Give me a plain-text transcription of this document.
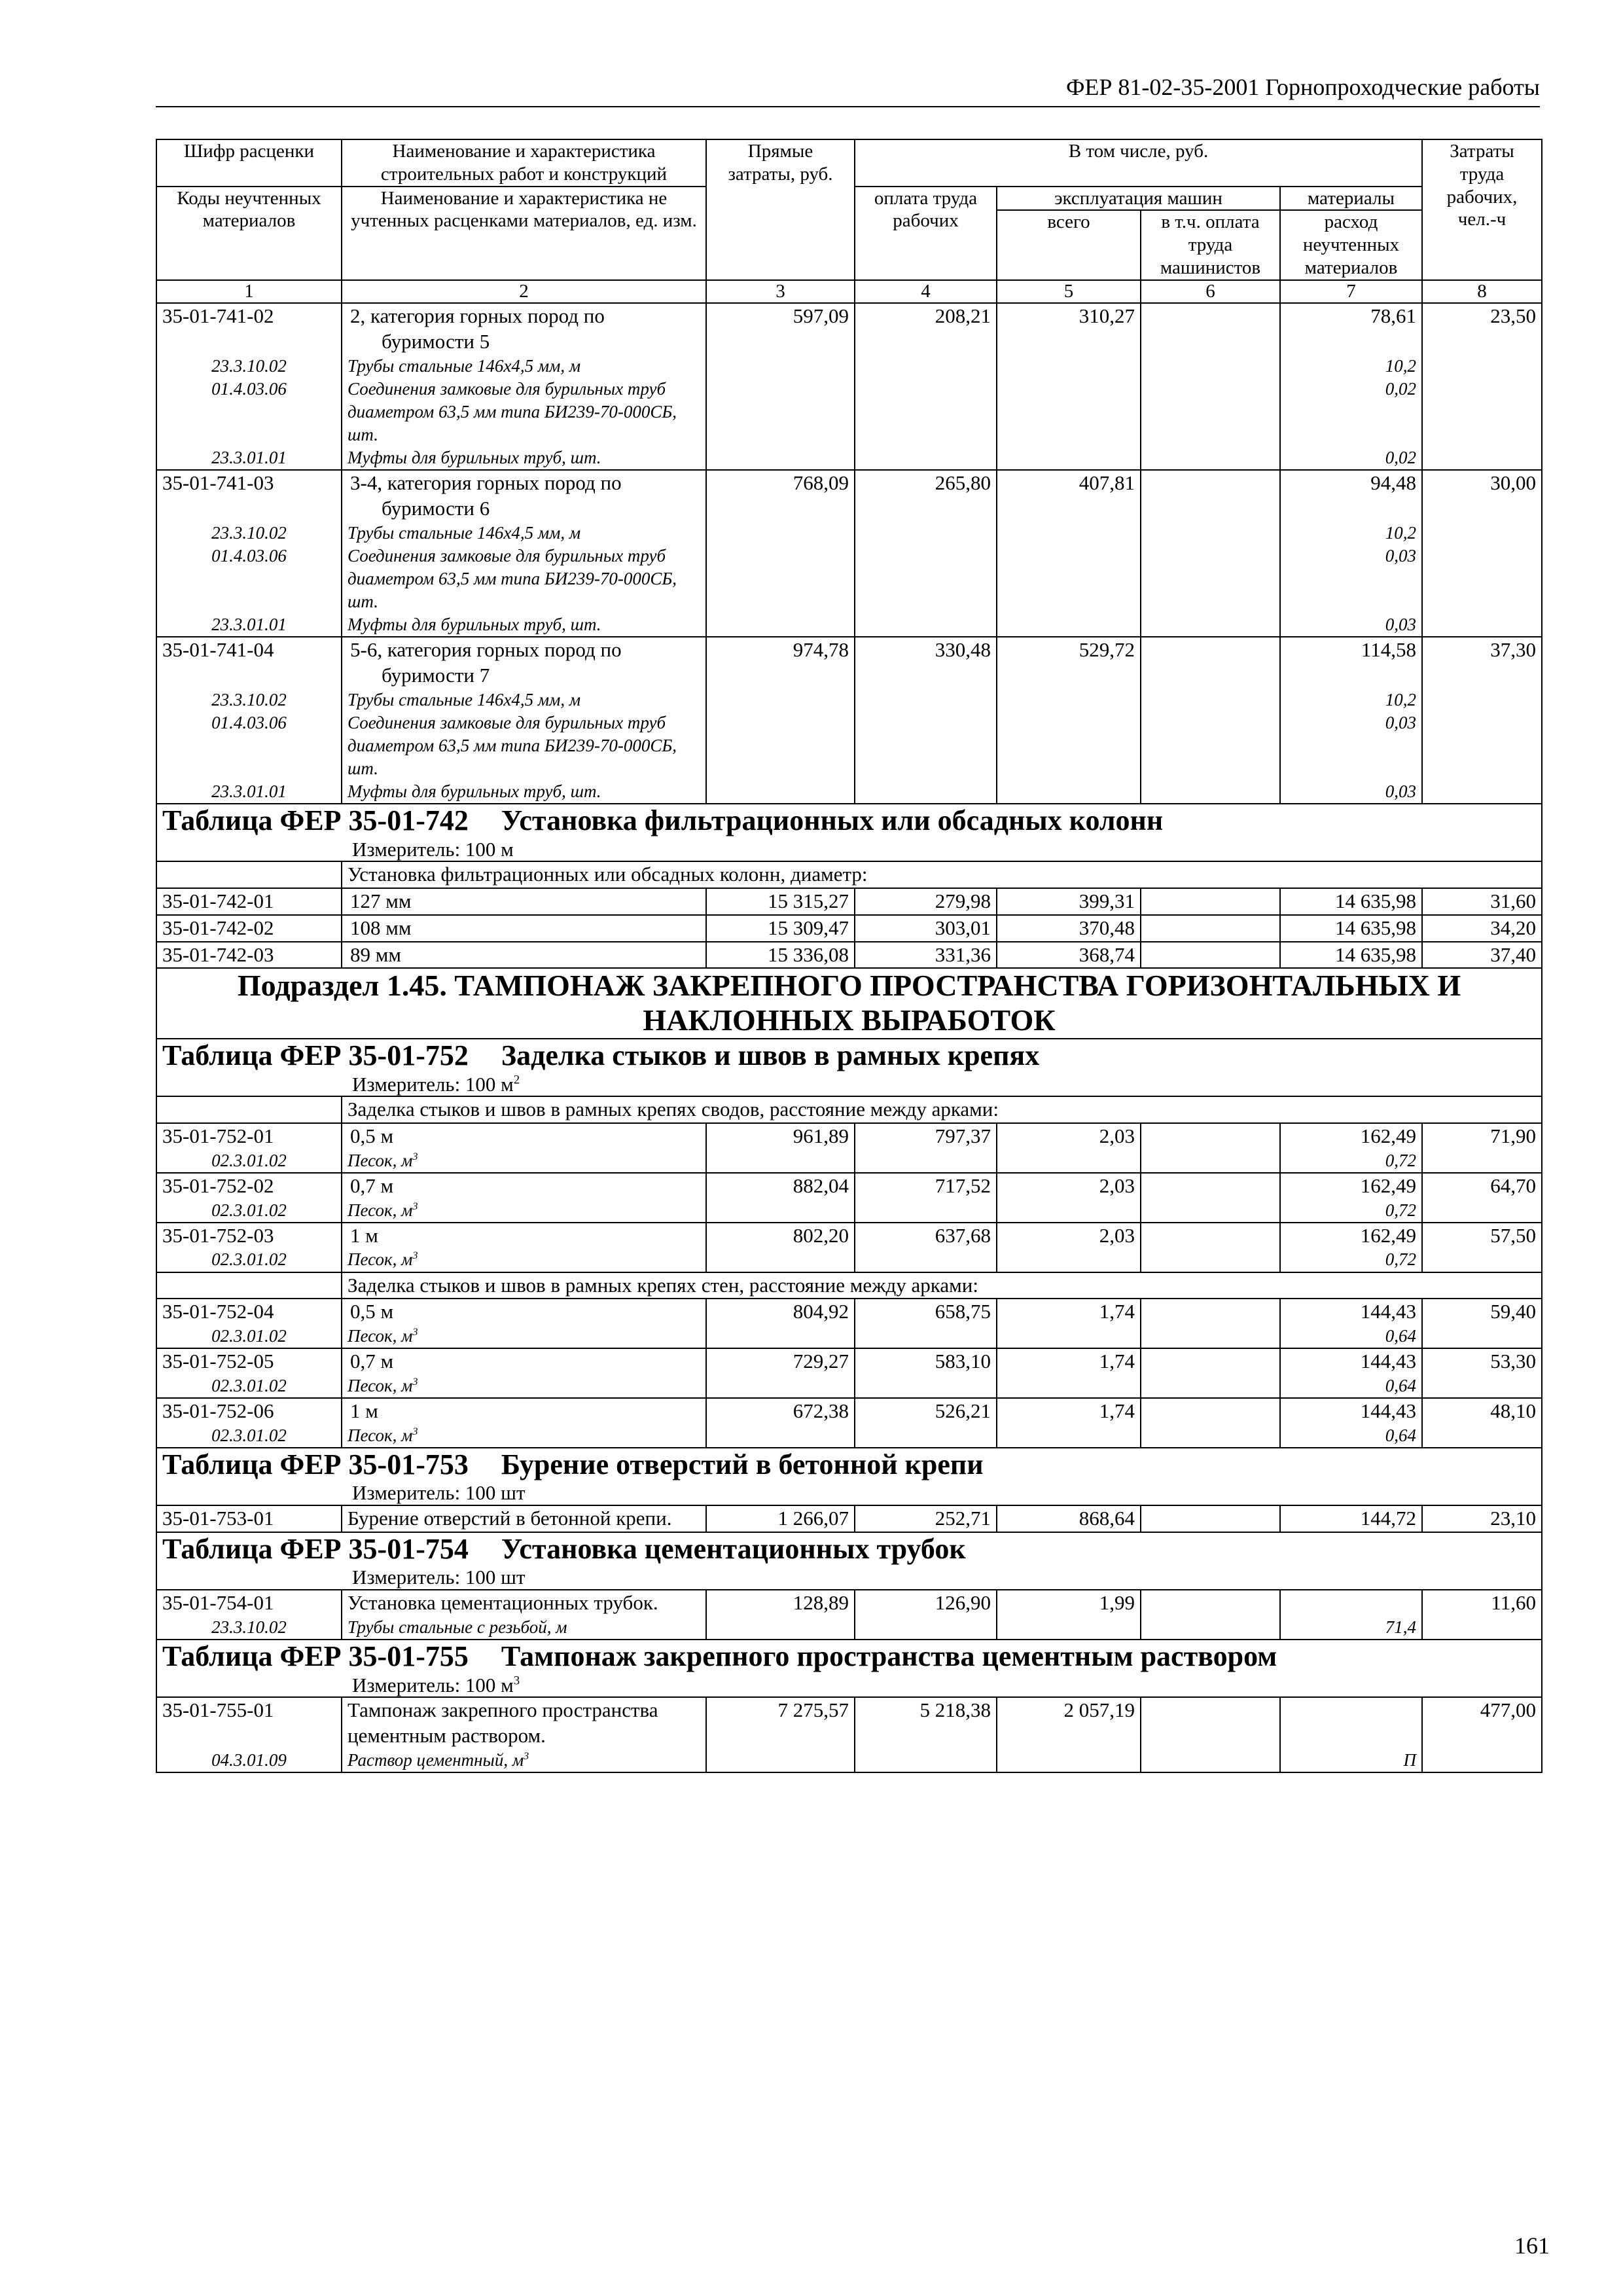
ФЕР 81-02-35-2001 Горнопроходческие работы
Шифр расценки	Наименование и характеристика строительных работ и конструкций	Прямые затраты, руб.	В том числе, руб.				Затраты труда рабочих, чел.-ч
Коды неучтенных материалов	Наименование и характеристика не учтенных расценками материалов, ед. изм.		оплата труда рабочих	эксплуатация машин		материалы	
				всего	в т.ч. оплата труда машинистов	расход неучтенных материалов	
1	2	3	4	5	6	7	8
35-01-741-02	2, категория горных пород по буримости 5	597,09	208,21	310,27		78,61	23,50
23.3.10.02	Трубы стальные 146х4,5 мм, м					10,2	
01.4.03.06	Соединения замковые для бурильных труб диаметром 63,5 мм типа БИ239-70-000СБ, шт.					0,02	
23.3.01.01	Муфты для бурильных труб, шт.					0,02	
35-01-741-03	3-4, категория горных пород по буримости 6	768,09	265,80	407,81		94,48	30,00
23.3.10.02	Трубы стальные 146х4,5 мм, м					10,2	
01.4.03.06	Соединения замковые для бурильных труб диаметром 63,5 мм типа БИ239-70-000СБ, шт.					0,03	
23.3.01.01	Муфты для бурильных труб, шт.					0,03	
35-01-741-04	5-6, категория горных пород по буримости 7	974,78	330,48	529,72		114,58	37,30
23.3.10.02	Трубы стальные 146х4,5 мм, м					10,2	
01.4.03.06	Соединения замковые для бурильных труб диаметром 63,5 мм типа БИ239-70-000СБ, шт.					0,03	
23.3.01.01	Муфты для бурильных труб, шт.					0,03	
Таблица ФЕР 35-01-742 Установка фильтрационных или обсадных колонн
Измеритель: 100 м							

	Установка фильтрационных или обсадных колонн, диаметр:						
35-01-742-01	127 мм	15 315,27	279,98	399,31		14 635,98	31,60
35-01-742-02	108 мм	15 309,47	303,01	370,48		14 635,98	34,20
35-01-742-03	89 мм	15 336,08	331,36	368,74		14 635,98	37,40
Подраздел 1.45. ТАМПОНАЖ ЗАКРЕПНОГО ПРОСТРАНСТВА ГОРИЗОНТАЛЬНЫХ И НАКЛОННЫХ ВЫРАБОТОК							
Таблица ФЕР 35-01-752 Заделка стыков и швов в рамных крепях
Измеритель: 100 $м^2$

	Заделка стыков и швов в рамных крепях сводов, расстояние между арками:						
35-01-752-01	0,5 м	961,89	797,37	2,03		162,49	71,90
02.3.01.02	Песок, $м^3$					0,72	
35-01-752-02	0,7 м	882,04	717,52	2,03		162,49	64,70
02.3.01.02	Песок, $м^3$					0,72	
35-01-752-03	1 м	802,20	637,68	2,03		162,49	57,50
02.3.01.02	Песок, $м^3$					0,72	
	Заделка стыков и швов в рамных крепях стен, расстояние между арками:						
35-01-752-04	0,5 м	804,92	658,75	1,74		144,43	59,40
02.3.01.02	Песок, $м^3$					0,64	
35-01-752-05	0,7 м	729,27	583,10	1,74		144,43	53,30
02.3.01.02	Песок, $м^3$					0,64	
35-01-752-06	1 м	672,38	526,21	1,74		144,43	48,10
02.3.01.02	Песок, $м^3$					0,64	
Таблица ФЕР 35-01-753 Бурение отверстий в бетонной крепи
Измеритель: 100 шт							

35-01-753-01	Бурение отверстий в бетонной крепи.	1 266,07	252,71	868,64		144,72	23,10
Таблица ФЕР 35-01-754 Установка цементационных трубок
Измеритель: 100 шт							

35-01-754-01	Установка цементационных трубок.	128,89	126,90	1,99			11,60
23.3.10.02	Трубы стальные с резьбой, м					71,4	
Таблица ФЕР 35-01-755 Тампонаж закрепного пространства цементным раствором
Измеритель: 100 $м^3$

35-01-755-01	Тампонаж закрепного пространства цементным раствором.	7 275,57	5 218,38	2 057,19			477,00
04.3.01.09	Раствор цементный, $м^3$					П	
161
